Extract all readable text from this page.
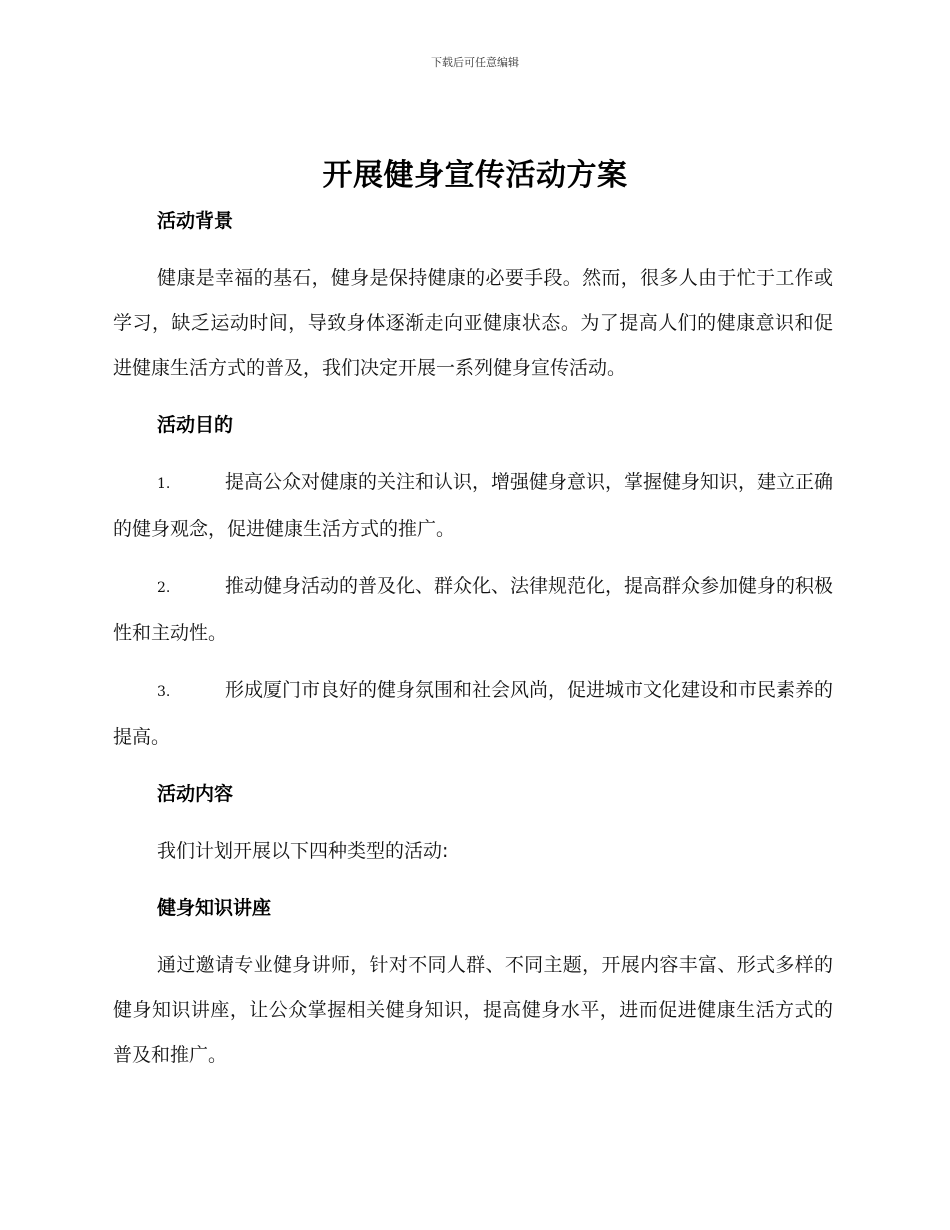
下载后可任意编辑
开展健身宣传活动方案

活动背景

健康是幸福的基石，健身是保持健康的必要手段。然而，很多人由于忙于工作或学习，缺乏运动时间，导致身体逐渐走向亚健康状态。为了提高人们的健康意识和促进健康生活方式的普及，我们决定开展一系列健身宣传活动。

活动目的

1.	提高公众对健康的关注和认识，增强健身意识，掌握健身知识，建立正确的健身观念，促进健康生活方式的推广。

2.	推动健身活动的普及化、群众化、法律规范化，提高群众参加健身的积极性和主动性。

3.	形成厦门市良好的健身氛围和社会风尚，促进城市文化建设和市民素养的提高。

活动内容

我们计划开展以下四种类型的活动:

健身知识讲座

通过邀请专业健身讲师，针对不同人群、不同主题，开展内容丰富、形式多样的健身知识讲座，让公众掌握相关健身知识，提高健身水平，进而促进健康生活方式的普及和推广。
